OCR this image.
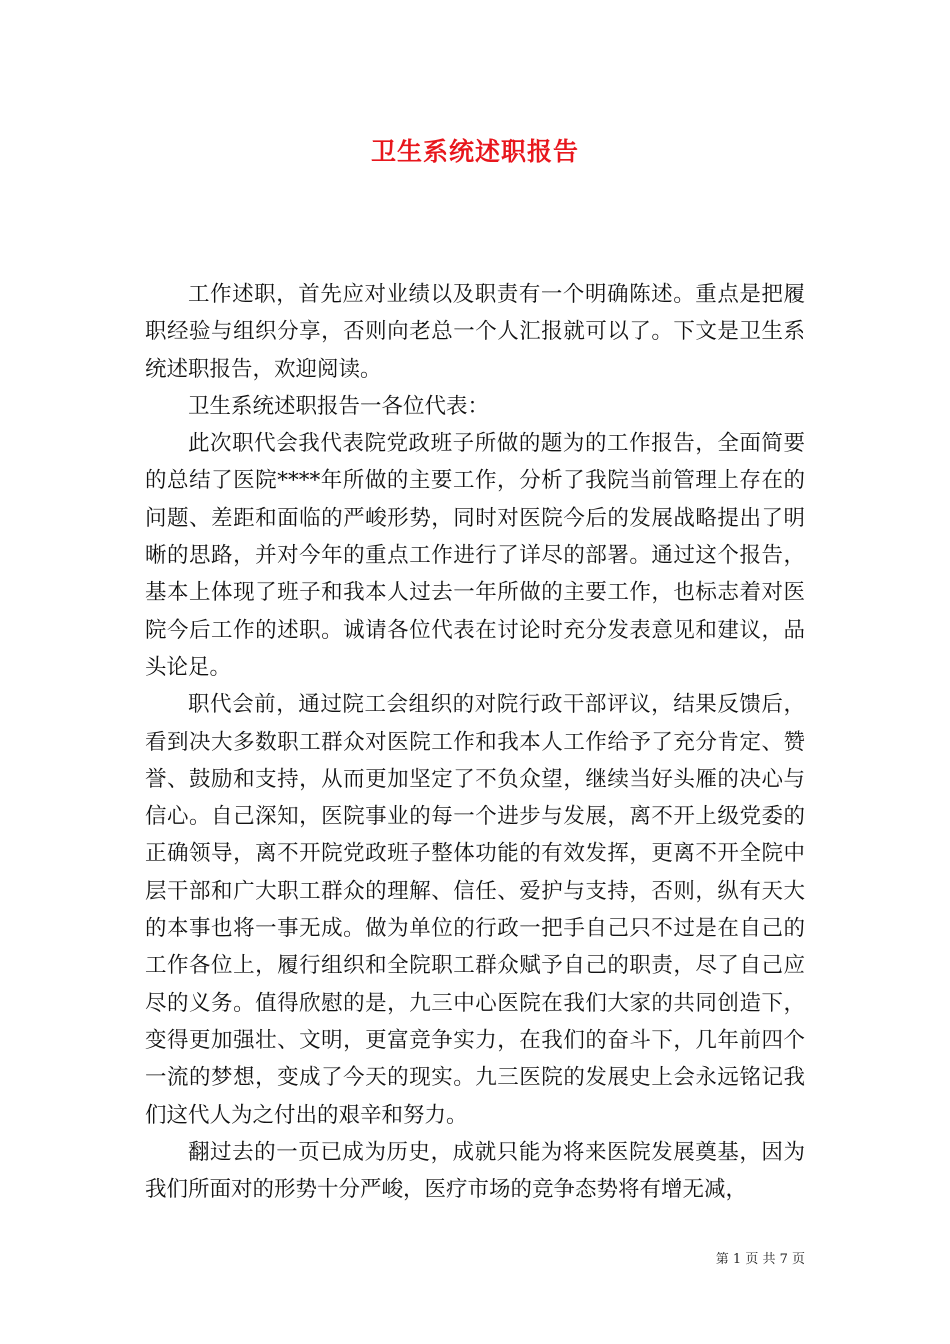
卫生系统述职报告

工作述职，首先应对业绩以及职责有一个明确陈述。重点是把履职经验与组织分享，否则向老总一个人汇报就可以了。下文是卫生系统述职报告，欢迎阅读。

卫生系统述职报告一各位代表：

此次职代会我代表院党政班子所做的题为的工作报告，全面简要的总结了医院****年所做的主要工作，分析了我院当前管理上存在的问题、差距和面临的严峻形势，同时对医院今后的发展战略提出了明晰的思路，并对今年的重点工作进行了详尽的部署。通过这个报告，基本上体现了班子和我本人过去一年所做的主要工作，也标志着对医院今后工作的述职。诚请各位代表在讨论时充分发表意见和建议，品头论足。

职代会前，通过院工会组织的对院行政干部评议，结果反馈后，看到决大多数职工群众对医院工作和我本人工作给予了充分肯定、赞誉、鼓励和支持，从而更加坚定了不负众望，继续当好头雁的决心与信心。自己深知，医院事业的每一个进步与发展，离不开上级党委的正确领导，离不开院党政班子整体功能的有效发挥，更离不开全院中层干部和广大职工群众的理解、信任、爱护与支持，否则，纵有天大的本事也将一事无成。做为单位的行政一把手自己只不过是在自己的工作各位上，履行组织和全院职工群众赋予自己的职责，尽了自己应尽的义务。值得欣慰的是，九三中心医院在我们大家的共同创造下，变得更加强壮、文明，更富竞争实力，在我们的奋斗下，几年前四个一流的梦想，变成了今天的现实。九三医院的发展史上会永远铭记我们这代人为之付出的艰辛和努力。

翻过去的一页已成为历史，成就只能为将来医院发展奠基，因为我们所面对的形势十分严峻，医疗市场的竞争态势将有增无减，

第 1 页 共 7 页
